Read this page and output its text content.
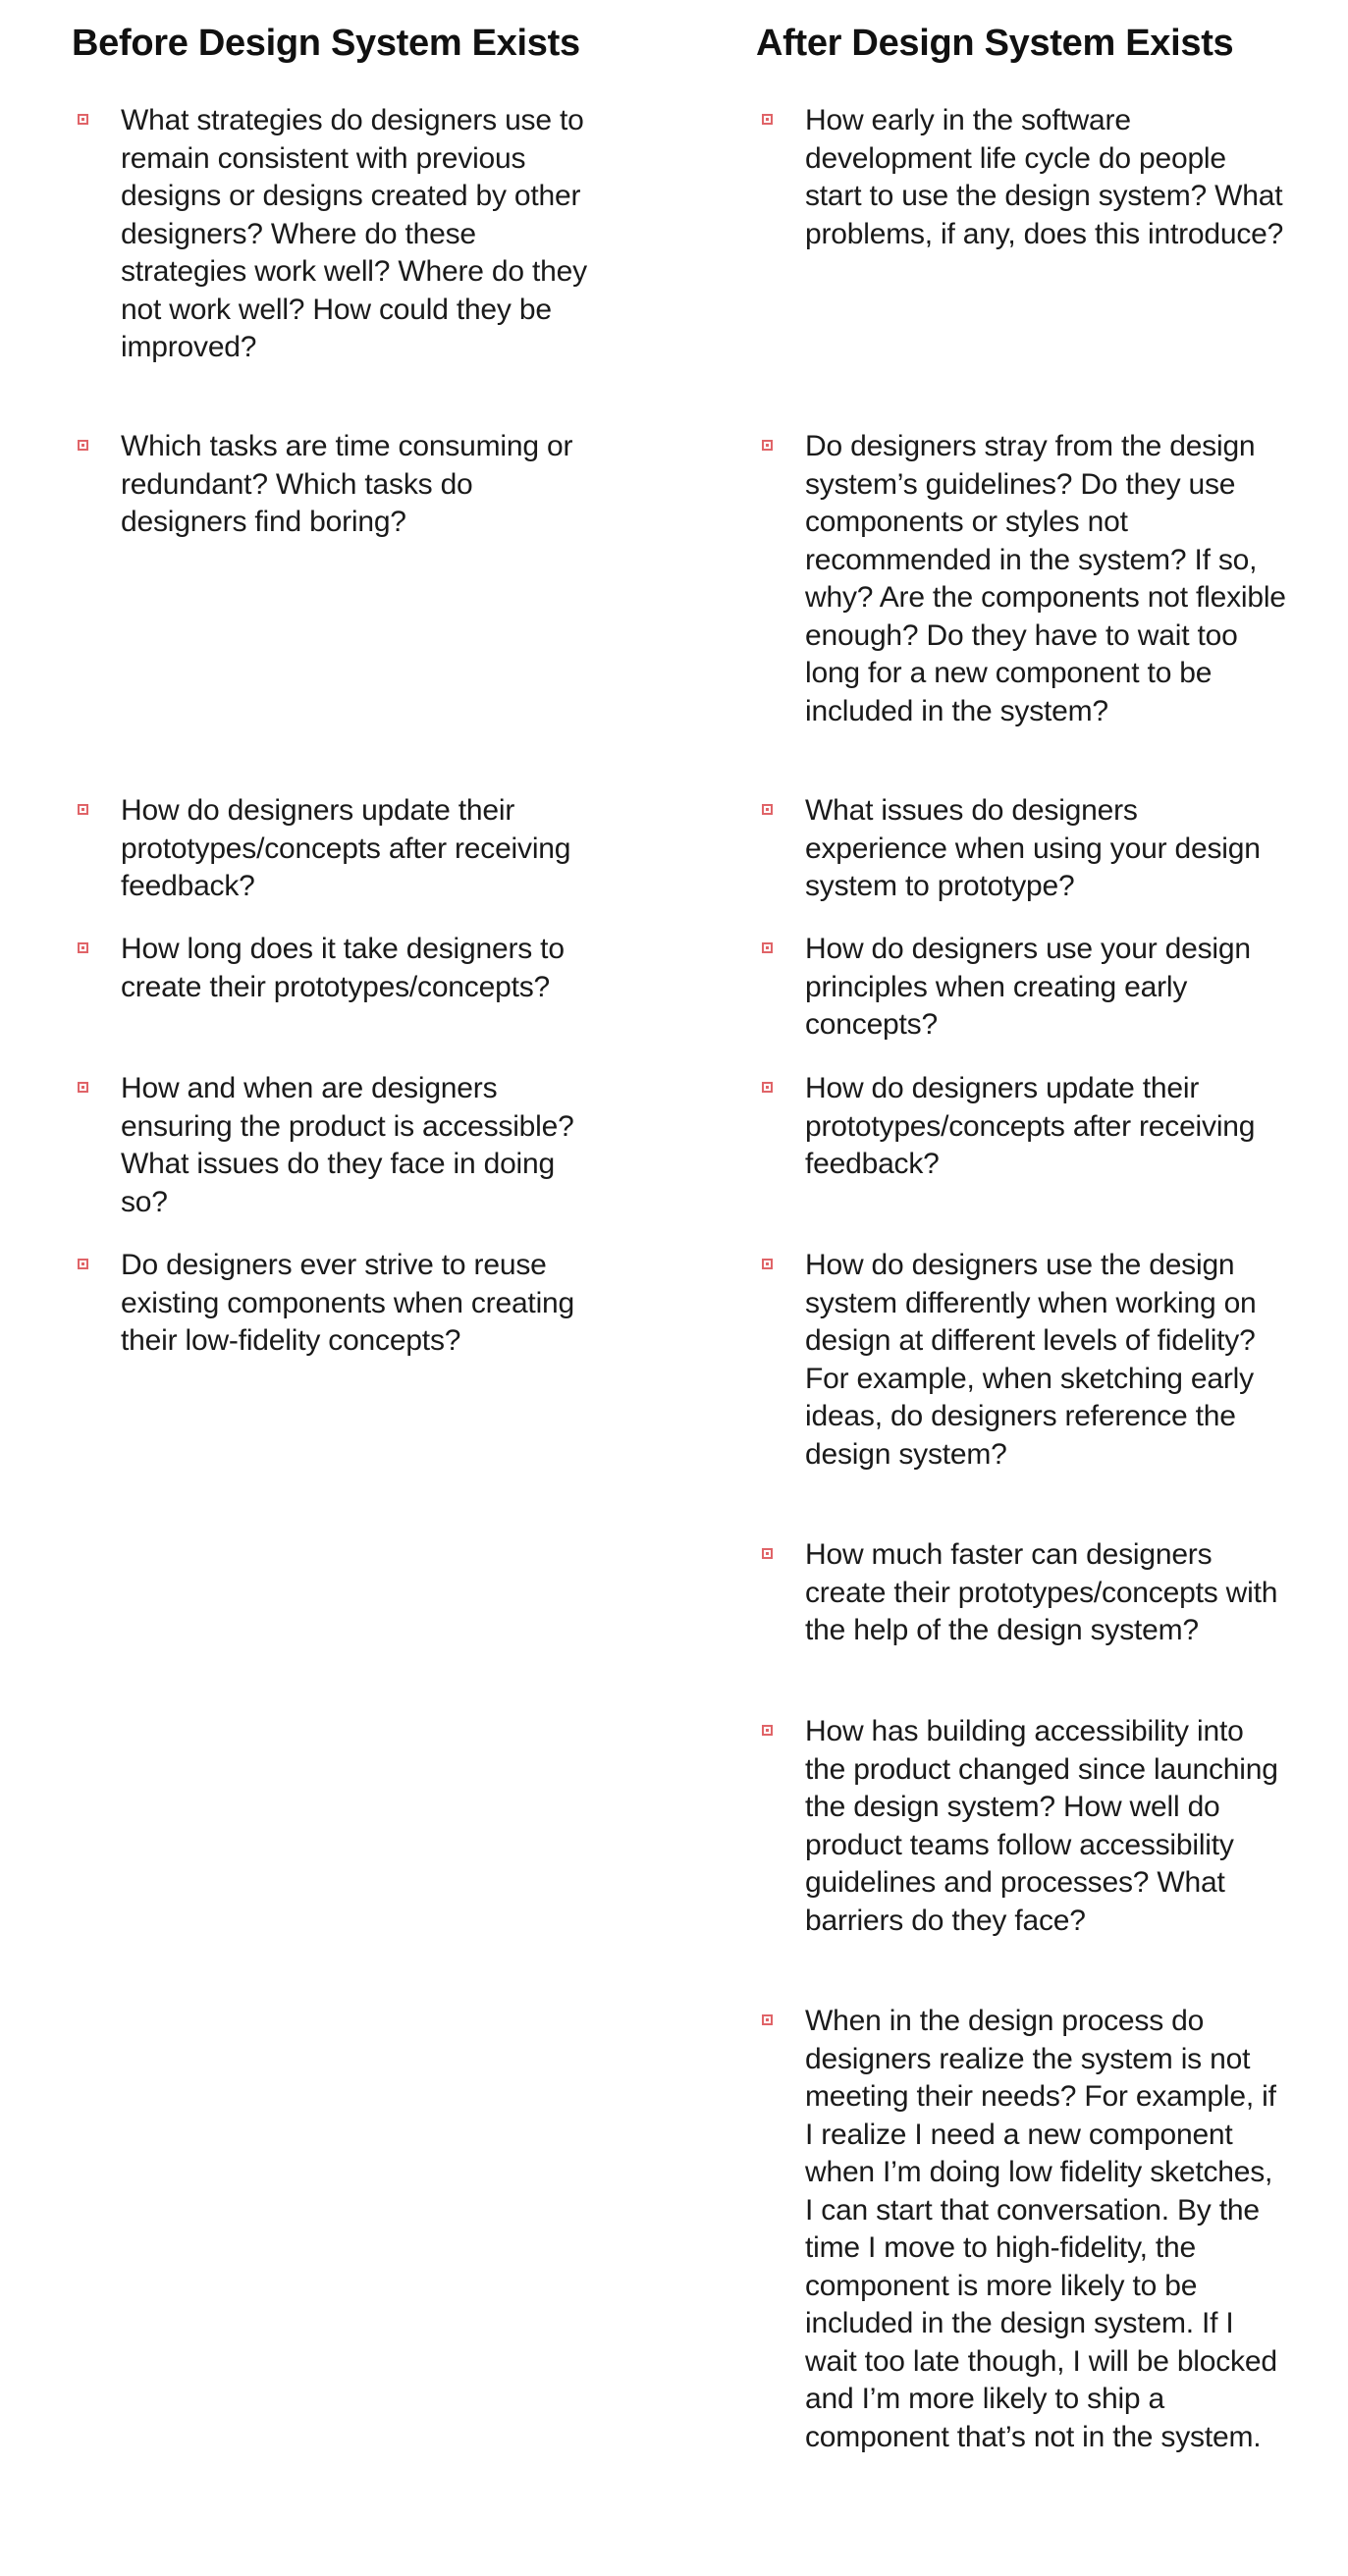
Before Design System Exists
What strategies do designers use to remain consistent with previous designs or designs created by other designers? Where do these strategies work well? Where do they not work well? How could they be improved?
Which tasks are time consuming or redundant? Which tasks do designers find boring?
How do designers update their prototypes/concepts after receiving feedback?
How long does it take designers to create their prototypes/concepts?
How and when are designers ensuring the product is accessible? What issues do they face in doing so?
Do designers ever strive to reuse existing components when creating their low-fidelity concepts?
After Design System Exists
How early in the software development life cycle do people start to use the design system? What problems, if any, does this introduce?
Do designers stray from the design system’s guidelines? Do they use components or styles not recommended in the system? If so, why? Are the components not flexible enough? Do they have to wait too long for a new component to be included in the system?
What issues do designers experience when using your design system to prototype?
How do designers use your design principles when creating early concepts?
How do designers update their prototypes/concepts after receiving feedback?
How do designers use the design system differently when working on design at different levels of fidelity? For example, when sketching early ideas, do designers reference the design system?
How much faster can designers create their prototypes/concepts with the help of the design system?
How has building accessibility into the product changed since launching the design system? How well do product teams follow accessibility guidelines and processes? What barriers do they face?
When in the design process do designers realize the system is not meeting their needs? For example, if I realize I need a new component when I’m doing low fidelity sketches, I can start that conversation. By the time I move to high-fidelity, the component is more likely to be included in the design system. If I wait too late though, I will be blocked and I’m more likely to ship a component that’s not in the system.
